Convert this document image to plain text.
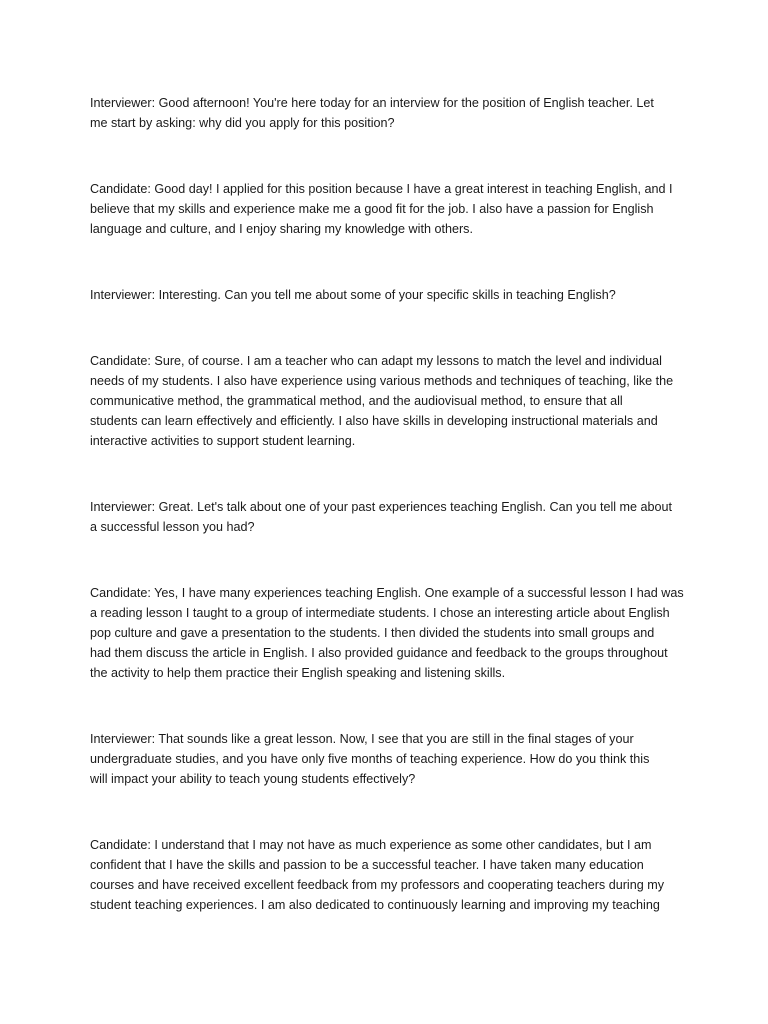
Interviewer: Good afternoon! You're here today for an interview for the position of English teacher. Let
me start by asking: why did you apply for this position?

Candidate: Good day! I applied for this position because I have a great interest in teaching English, and I
believe that my skills and experience make me a good fit for the job. I also have a passion for English
language and culture, and I enjoy sharing my knowledge with others.

Interviewer: Interesting. Can you tell me about some of your specific skills in teaching English?

Candidate: Sure, of course. I am a teacher who can adapt my lessons to match the level and individual
needs of my students. I also have experience using various methods and techniques of teaching, like the
communicative method, the grammatical method, and the audiovisual method, to ensure that all
students can learn effectively and efficiently. I also have skills in developing instructional materials and
interactive activities to support student learning.

Interviewer: Great. Let's talk about one of your past experiences teaching English. Can you tell me about
a successful lesson you had?

Candidate: Yes, I have many experiences teaching English. One example of a successful lesson I had was
a reading lesson I taught to a group of intermediate students. I chose an interesting article about English
pop culture and gave a presentation to the students. I then divided the students into small groups and
had them discuss the article in English. I also provided guidance and feedback to the groups throughout
the activity to help them practice their English speaking and listening skills.

Interviewer: That sounds like a great lesson. Now, I see that you are still in the final stages of your
undergraduate studies, and you have only five months of teaching experience. How do you think this
will impact your ability to teach young students effectively?

Candidate: I understand that I may not have as much experience as some other candidates, but I am
confident that I have the skills and passion to be a successful teacher. I have taken many education
courses and have received excellent feedback from my professors and cooperating teachers during my
student teaching experiences. I am also dedicated to continuously learning and improving my teaching
